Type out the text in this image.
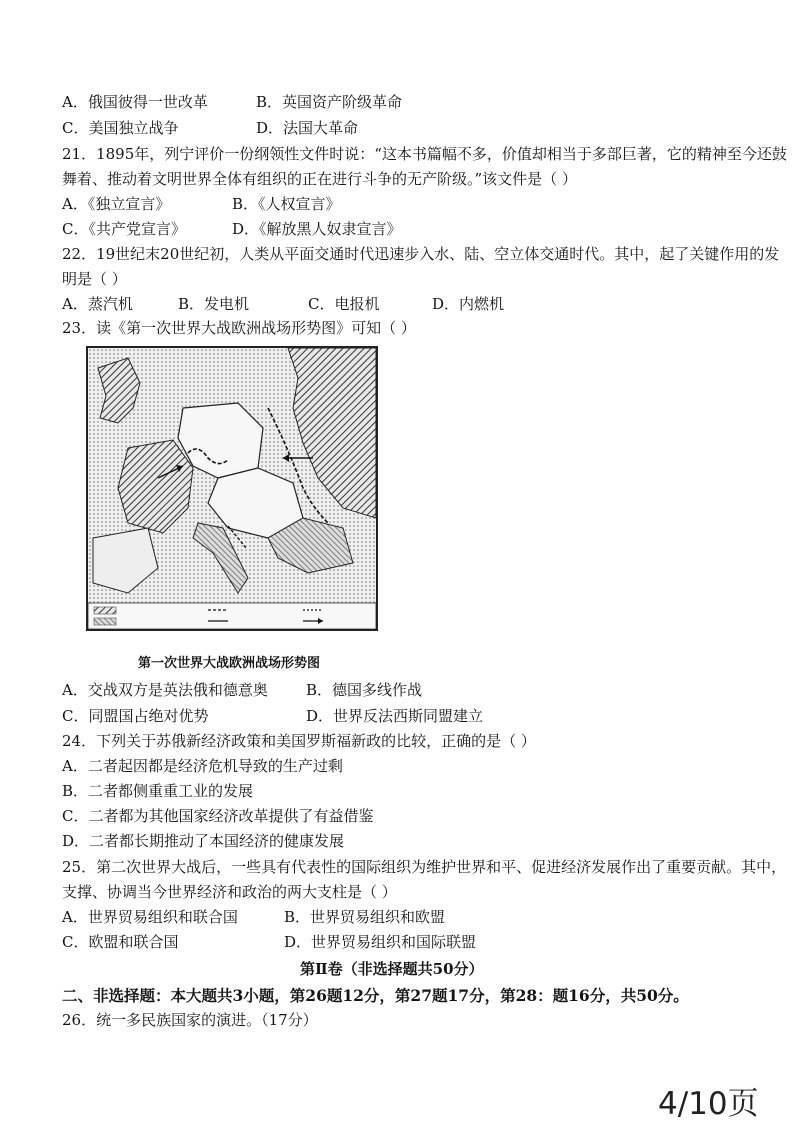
A．俄国彼得一世改革	B．英国资产阶级革命
C．美国独立战争	D．法国大革命
21．1895年，列宁评价一份纲领性文件时说：“这本书篇幅不多，价值却相当于多部巨著，它的精神至今还鼓
舞着、推动着文明世界全体有组织的正在进行斗争的无产阶级。”该文件是（ ）
A．《独立宣言》	B．《人权宣言》
C．《共产党宣言》	D．《解放黑人奴隶宣言》
22．19世纪末20世纪初，人类从平面交通时代迅速步入水、陆、空立体交通时代。其中，起了关键作用的发
明是（ ）
A．蒸汽机	B．发电机	C．电报机	D．内燃机
23．读《第一次世界大战欧洲战场形势图》可知（ ）
第一次世界大战欧洲战场形势图
A．交战双方是英法俄和德意奥	B．德国多线作战
C．同盟国占绝对优势	D．世界反法西斯同盟建立
24．下列关于苏俄新经济政策和美国罗斯福新政的比较，正确的是（ ）
A．二者起因都是经济危机导致的生产过剩
B．二者都侧重重工业的发展
C．二者都为其他国家经济改革提供了有益借鉴
D．二者都长期推动了本国经济的健康发展
25．第二次世界大战后，一些具有代表性的国际组织为维护世界和平、促进经济发展作出了重要贡献。其中，
支撑、协调当今世界经济和政治的两大支柱是（ ）
A．世界贸易组织和联合国	B．世界贸易组织和欧盟
C．欧盟和联合国	D．世界贸易组织和国际联盟
第Ⅱ卷（非选择题共50分）
二、非选择题：本大题共3小题，第26题12分，第27题17分，第28：题16分，共50分。
26．统一多民族国家的演进。（17分）
4/10页
